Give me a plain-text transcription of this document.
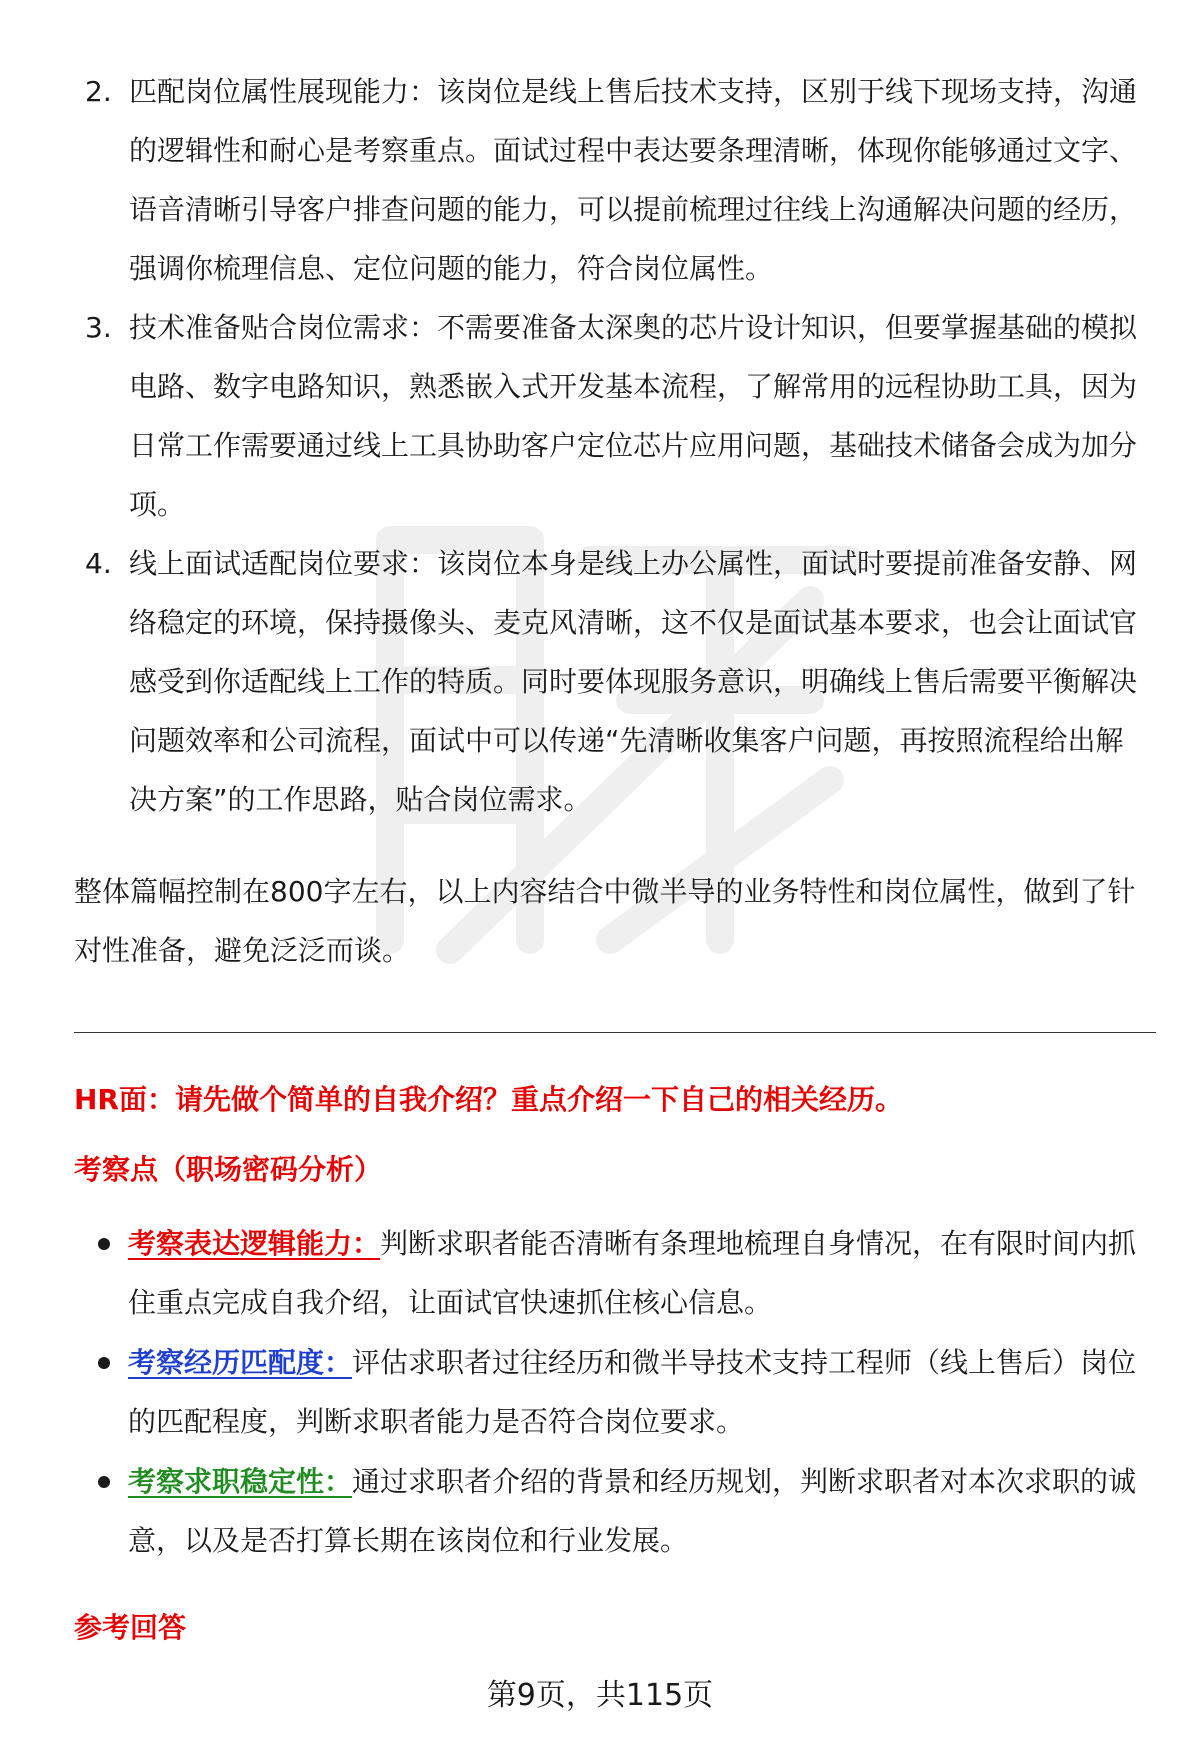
2. 匹配岗位属性展现能力：该岗位是线上售后技术支持，区别于线下现场支持，沟通的逻辑性和耐心是考察重点。面试过程中表达要条理清晰，体现你能够通过文字、语音清晰引导客户排查问题的能力，可以提前梳理过往线上沟通解决问题的经历，强调你梳理信息、定位问题的能力，符合岗位属性。
3. 技术准备贴合岗位需求：不需要准备太深奥的芯片设计知识，但要掌握基础的模拟电路、数字电路知识，熟悉嵌入式开发基本流程，了解常用的远程协助工具，因为日常工作需要通过线上工具协助客户定位芯片应用问题，基础技术储备会成为加分项。
4. 线上面试适配岗位要求：该岗位本身是线上办公属性，面试时要提前准备安静、网络稳定的环境，保持摄像头、麦克风清晰，这不仅是面试基本要求，也会让面试官感受到你适配线上工作的特质。同时要体现服务意识，明确线上售后需要平衡解决问题效率和公司流程，面试中可以传递“先清晰收集客户问题，再按照流程给出解决方案”的工作思路，贴合岗位需求。

整体篇幅控制在800字左右，以上内容结合中微半导的业务特性和岗位属性，做到了针对性准备，避免泛泛而谈。

HR面：请先做个简单的自我介绍？重点介绍一下自己的相关经历。

考察点（职场密码分析）

考察表达逻辑能力：判断求职者能否清晰有条理地梳理自身情况，在有限时间内抓住重点完成自我介绍，让面试官快速抓住核心信息。
考察经历匹配度：评估求职者过往经历和微半导技术支持工程师（线上售后）岗位的匹配程度，判断求职者能力是否符合岗位要求。
考察求职稳定性：通过求职者介绍的背景和经历规划，判断求职者对本次求职的诚意，以及是否打算长期在该岗位和行业发展。

参考回答

第9页，共115页
